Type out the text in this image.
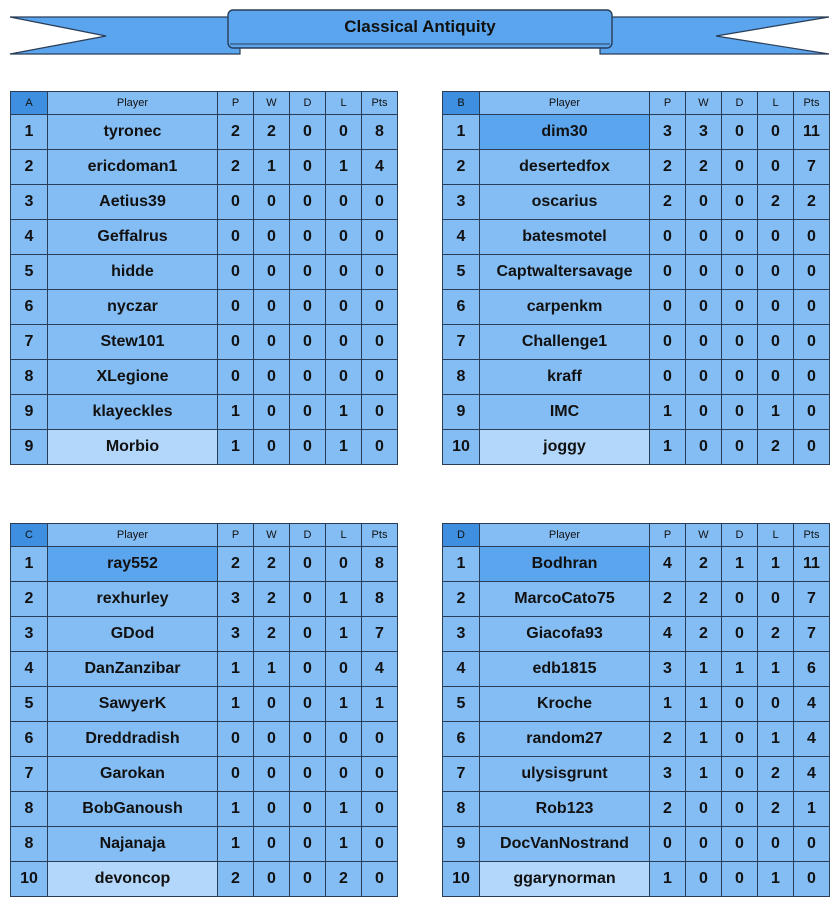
Classical Antiquity
A	Player	P	W	D	L	Pts
1	tyronec	2	2	0	0	8
2	ericdoman1	2	1	0	1	4
3	Aetius39	0	0	0	0	0
4	Geffalrus	0	0	0	0	0
5	hidde	0	0	0	0	0
6	nyczar	0	0	0	0	0
7	Stew101	0	0	0	0	0
8	XLegione	0	0	0	0	0
9	klayeckles	1	0	0	1	0
9	Morbio	1	0	0	1	0
B	Player	P	W	D	L	Pts
1	dim30	3	3	0	0	11
2	desertedfox	2	2	0	0	7
3	oscarius	2	0	0	2	2
4	batesmotel	0	0	0	0	0
5	Captwaltersavage	0	0	0	0	0
6	carpenkm	0	0	0	0	0
7	Challenge1	0	0	0	0	0
8	kraff	0	0	0	0	0
9	IMC	1	0	0	1	0
10	joggy	1	0	0	2	0
C	Player	P	W	D	L	Pts
1	ray552	2	2	0	0	8
2	rexhurley	3	2	0	1	8
3	GDod	3	2	0	1	7
4	DanZanzibar	1	1	0	0	4
5	SawyerK	1	0	0	1	1
6	Dreddradish	0	0	0	0	0
7	Garokan	0	0	0	0	0
8	BobGanoush	1	0	0	1	0
8	Najanaja	1	0	0	1	0
10	devoncop	2	0	0	2	0
D	Player	P	W	D	L	Pts
1	Bodhran	4	2	1	1	11
2	MarcoCato75	2	2	0	0	7
3	Giacofa93	4	2	0	2	7
4	edb1815	3	1	1	1	6
5	Kroche	1	1	0	0	4
6	random27	2	1	0	1	4
7	ulysisgrunt	3	1	0	2	4
8	Rob123	2	0	0	2	1
9	DocVanNostrand	0	0	0	0	0
10	ggarynorman	1	0	0	1	0
